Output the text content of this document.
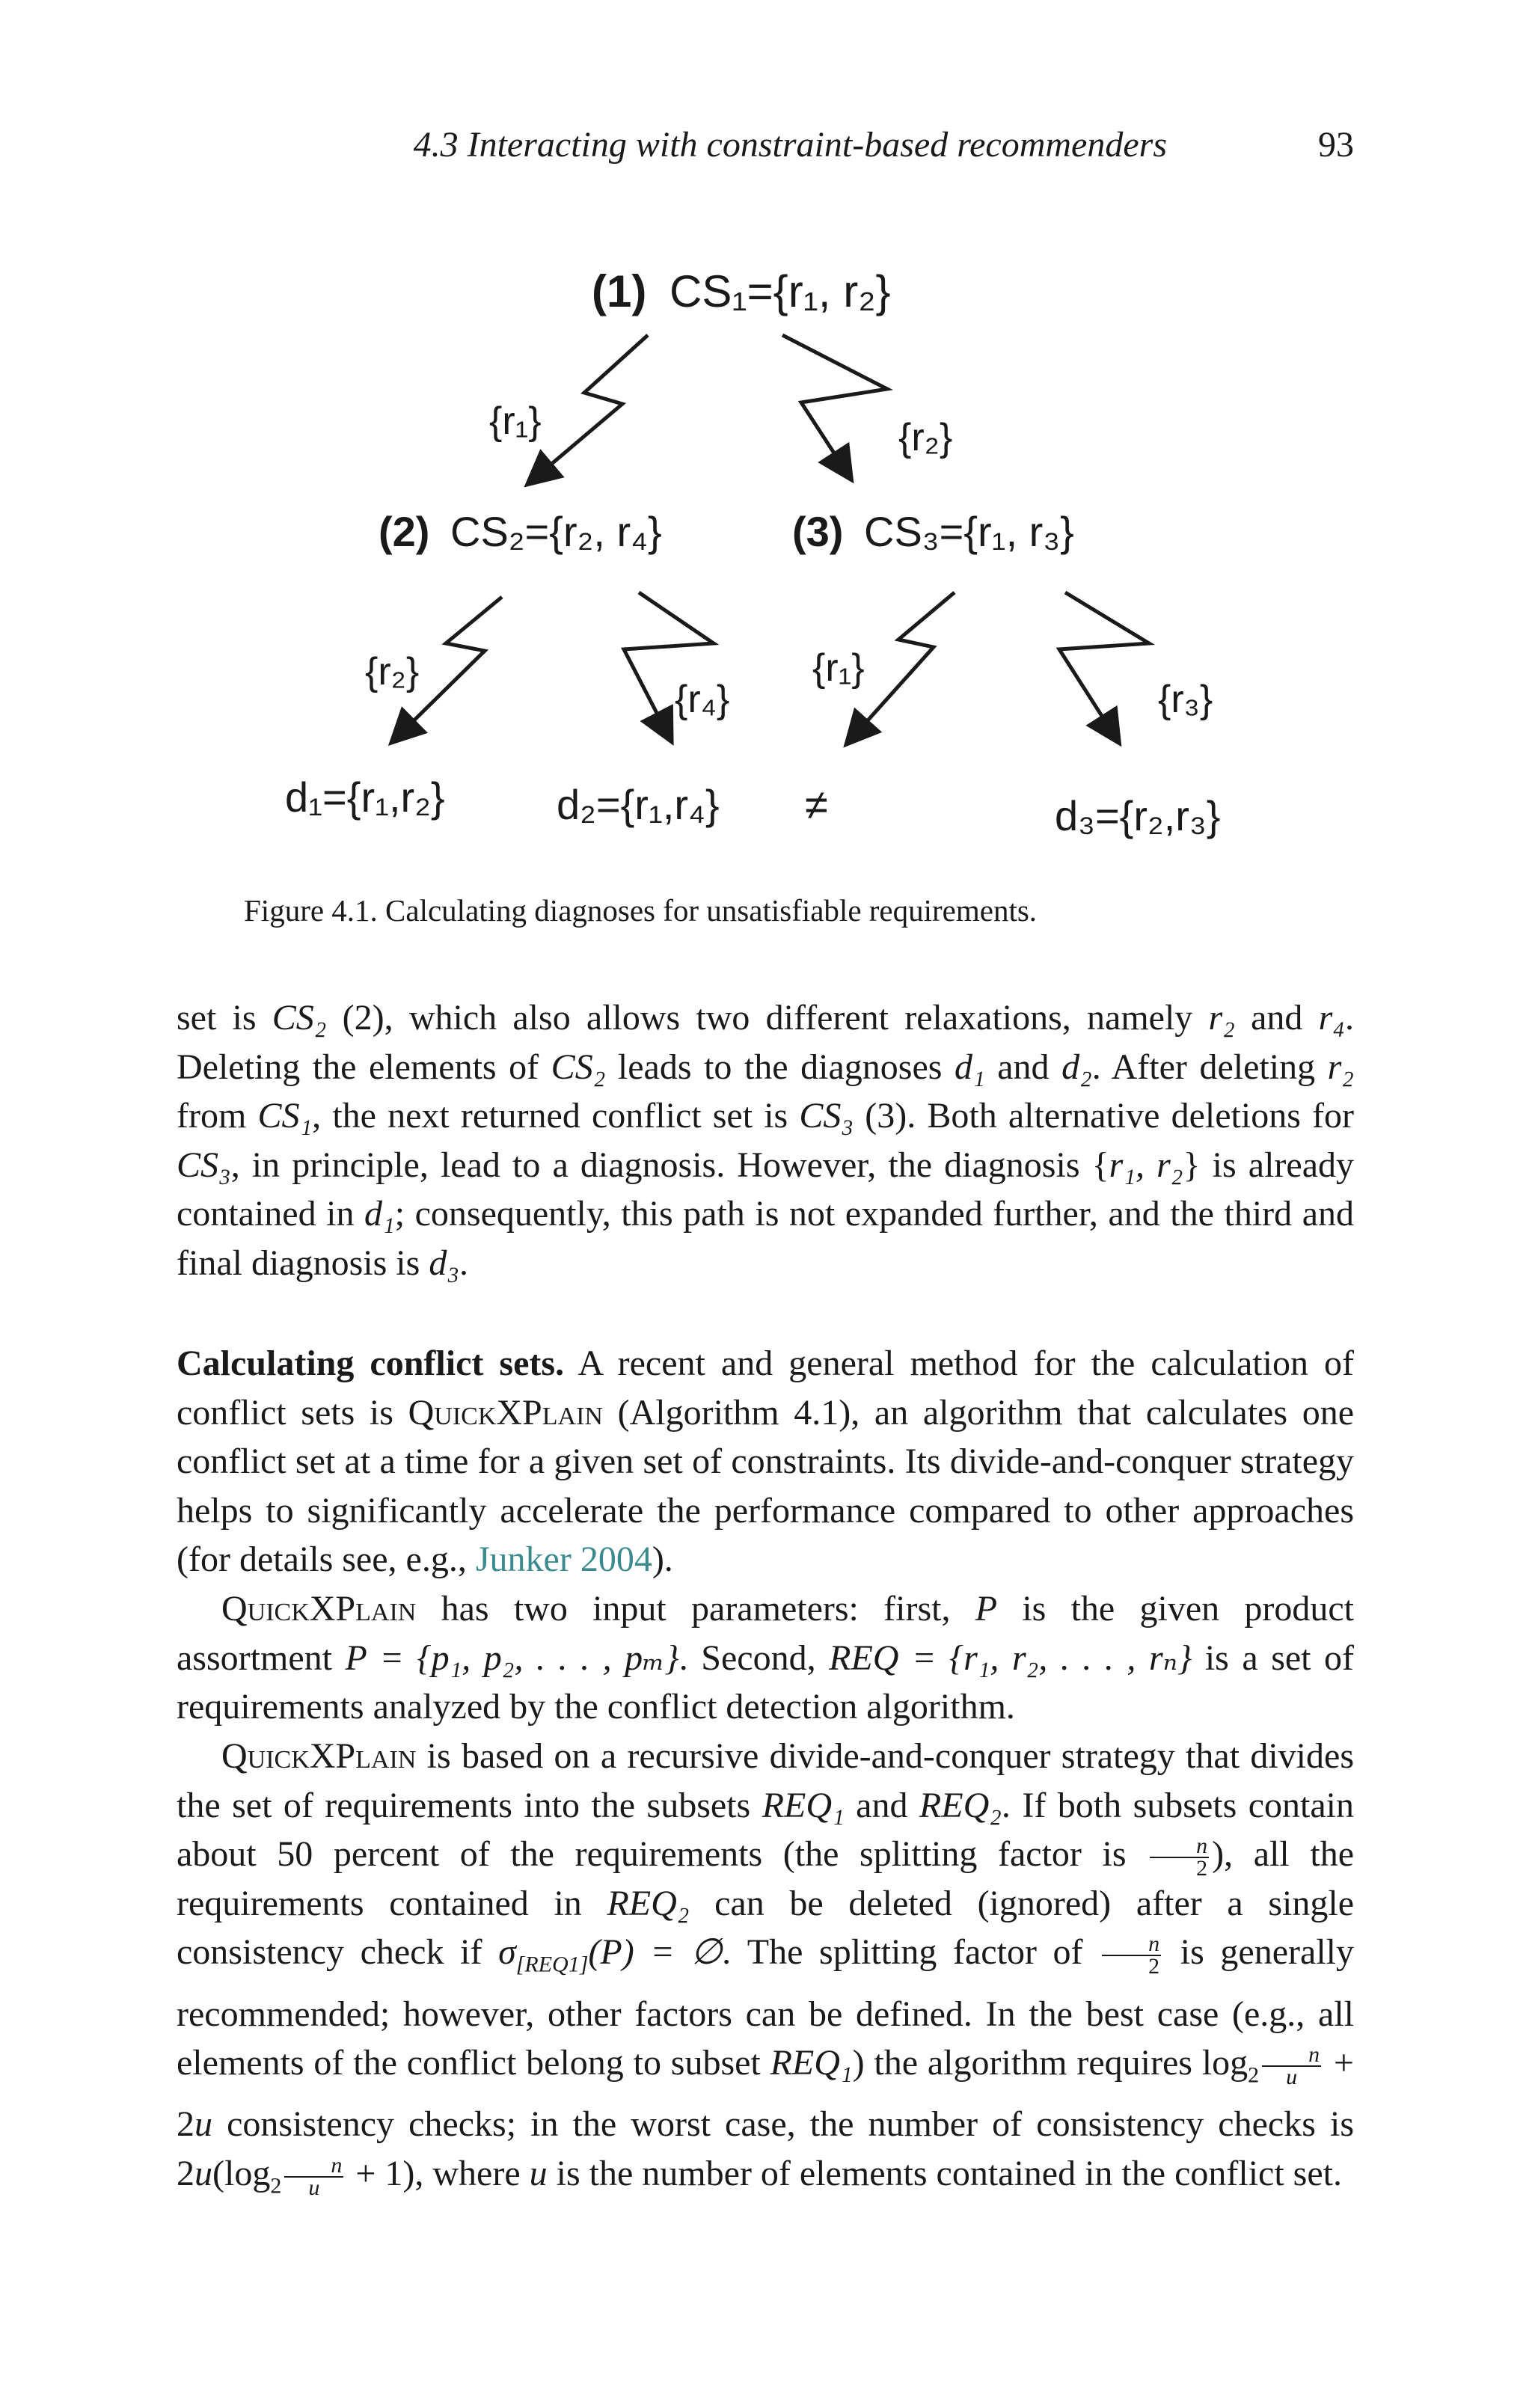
4.3 Interacting with constraint-based recommenders	93
(1) CS₁={r₁, r₂}
(2) CS₂={r₂, r₄}	(3) CS₃={r₁, r₃}
{r₁}	{r₂}
{r₂}
{r₄}
{r₁}
{r₃}
d₁={r₁,r₂}	d₂={r₁,r₄} ≠	d₃={r₂,r₃}
Figure 4.1. Calculating diagnoses for unsatisfiable requirements.

set is CS₂ (2), which also allows two different relaxations, namely r₂ and r₄. Deleting the elements of CS₂ leads to the diagnoses d₁ and d₂. After deleting r₂ from CS₁, the next returned conflict set is CS₃ (3). Both alternative deletions for CS₃, in principle, lead to a diagnosis. However, the diagnosis {r₁, r₂} is already contained in d₁; consequently, this path is not expanded further, and the third and final diagnosis is d₃.

Calculating conflict sets. A recent and general method for the calculation of conflict sets is QuickXPlain (Algorithm 4.1), an algorithm that calculates one conflict set at a time for a given set of constraints. Its divide-and-conquer strategy helps to significantly accelerate the performance compared to other approaches (for details see, e.g., Junker 2004).

QuickXPlain has two input parameters: first, P is the given product assortment P = {p₁, p₂, . . . , pₘ}. Second, REQ = {r₁, r₂, . . . , rₙ} is a set of requirements analyzed by the conflict detection algorithm.

QuickXPlain is based on a recursive divide-and-conquer strategy that divides the set of requirements into the subsets REQ₁ and REQ₂. If both subsets contain about 50 percent of the requirements (the splitting factor is $\frac{n}{2}$ ), all the requirements contained in REQ₂ can be deleted (ignored) after a single consistency check if $\sigma_{[REQ1]}(P)$ = ∅. The splitting factor of $\frac{n}{2}$ is generally recommended; however, other factors can be defined. In the best case (e.g., all elements of the conflict belong to subset REQ₁) the algorithm requires $\log_2 \frac{n}{u} + 2u$ consistency checks; in the worst case, the number of consistency checks is $2u(\log_2 \frac{n}{u} + 1)$, where u is the number of elements contained in the conflict set.
